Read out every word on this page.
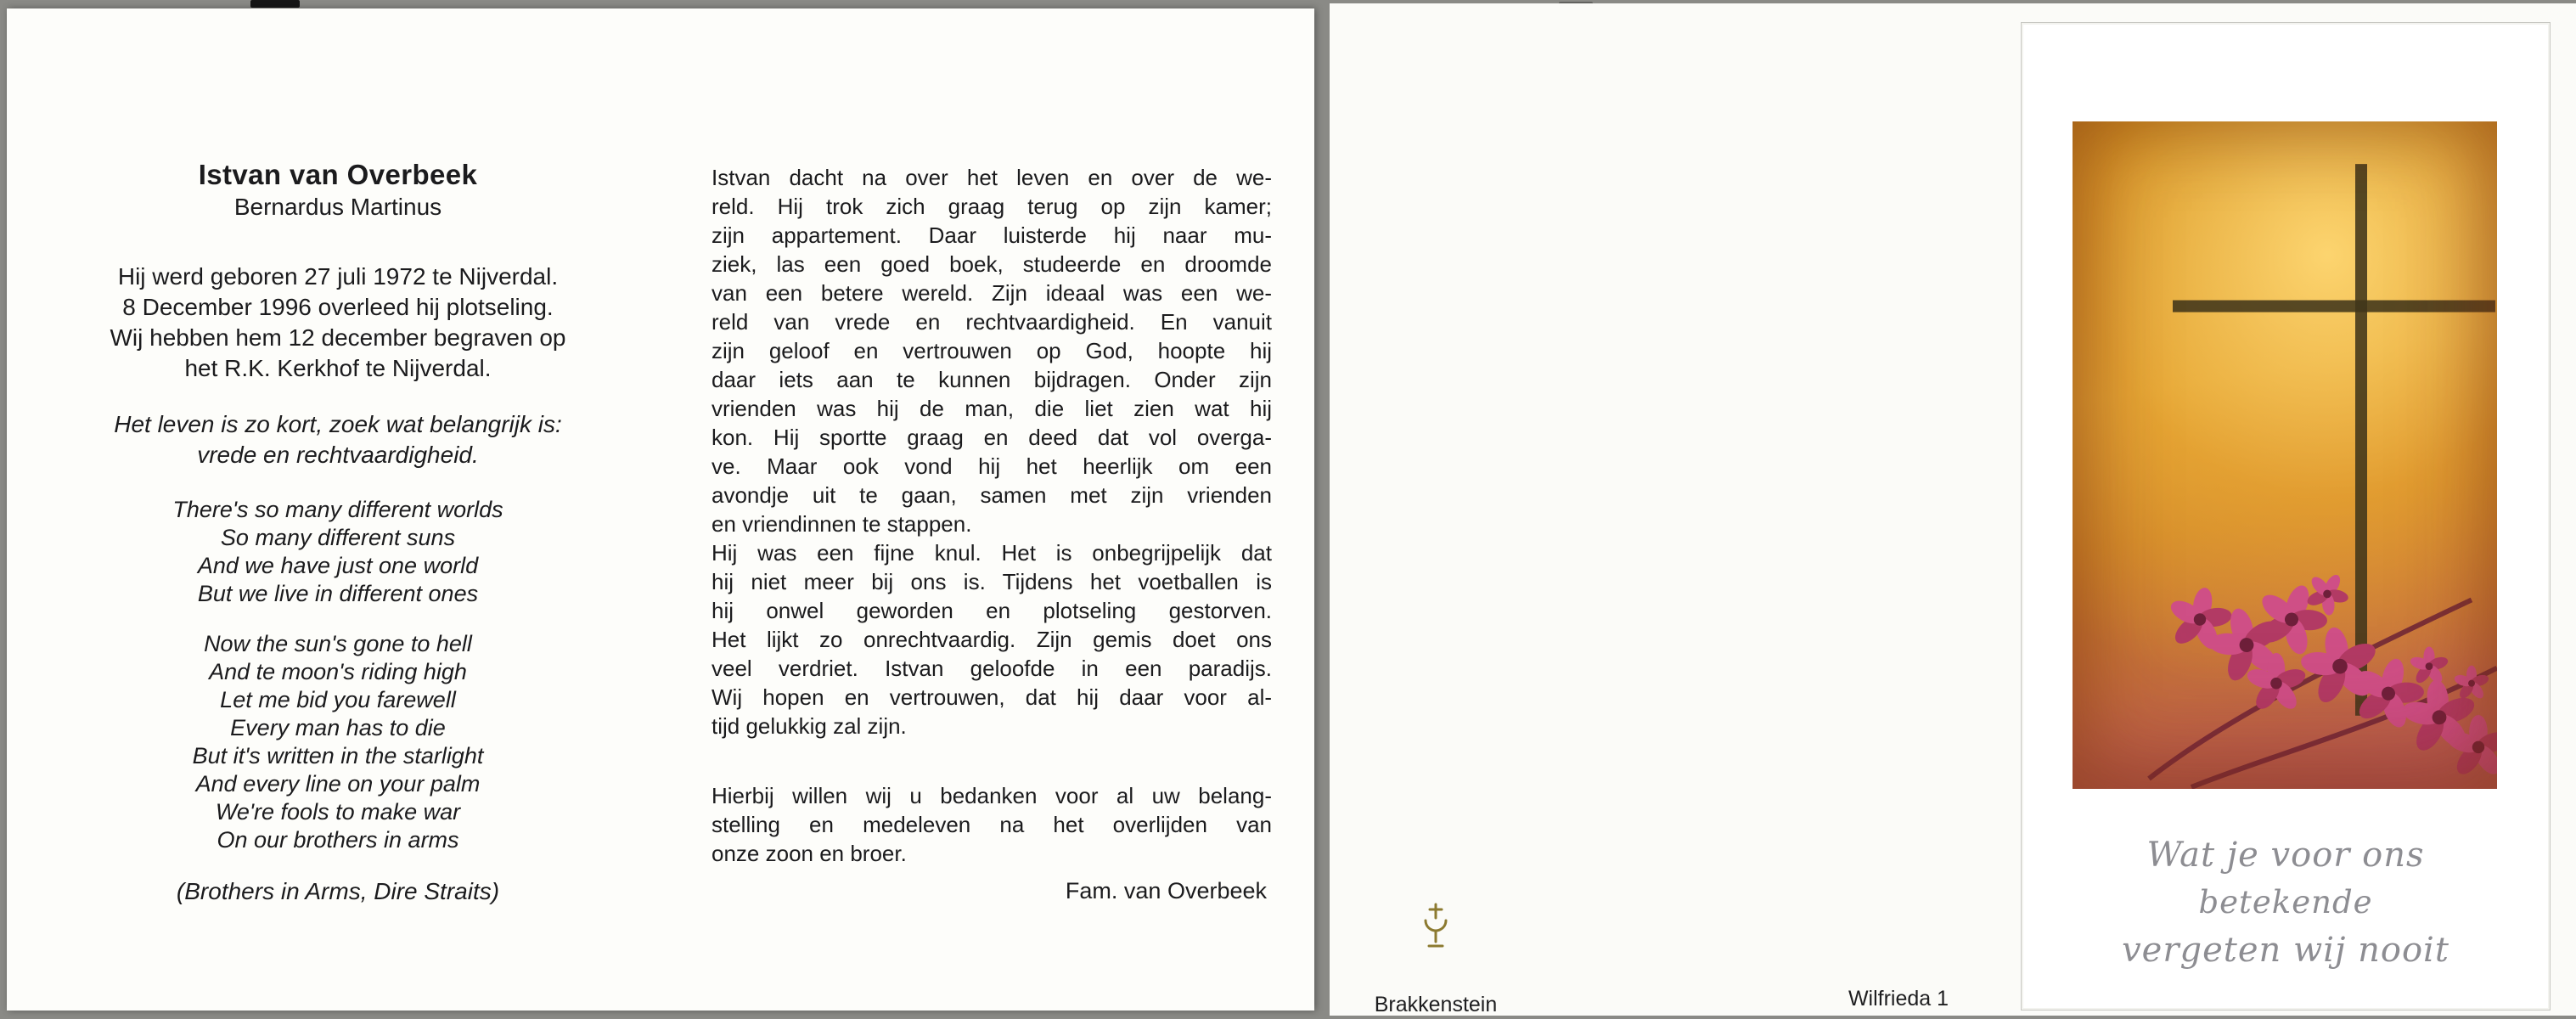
Istvan van Overbeek
Bernardus Martinus
Hij werd geboren 27 juli 1972 te Nijverdal.
8 December 1996 overleed hij plotseling.
Wij hebben hem 12 december begraven op
het R.K. Kerkhof te Nijverdal.
Het leven is zo kort, zoek wat belangrijk is:
vrede en rechtvaardigheid.
There's so many different worlds
So many different suns
And we have just one world
But we live in different ones
Now the sun's gone to hell
And te moon's riding high
Let me bid you farewell
Every man has to die
But it's written in the starlight
And every line on your palm
We're fools to make war
On our brothers in arms
(Brothers in Arms, Dire Straits)
Istvan dacht na over het leven en over de we-
reld. Hij trok zich graag terug op zijn kamer;
zijn appartement. Daar luisterde hij naar mu-
ziek, las een goed boek, studeerde en droomde
van een betere wereld. Zijn ideaal was een we-
reld van vrede en rechtvaardigheid. En vanuit
zijn geloof en vertrouwen op God, hoopte hij
daar iets aan te kunnen bijdragen. Onder zijn
vrienden was hij de man, die liet zien wat hij
kon. Hij sportte graag en deed dat vol overga-
ve. Maar ook vond hij het heerlijk om een
avondje uit te gaan, samen met zijn vrienden
en vriendinnen te stappen.
Hij was een fijne knul. Het is onbegrijpelijk dat
hij niet meer bij ons is. Tijdens het voetballen is
hij onwel geworden en plotseling gestorven.
Het lijkt zo onrechtvaardig. Zijn gemis doet ons
veel verdriet. Istvan geloofde in een paradijs.
Wij hopen en vertrouwen, dat hij daar voor al-
tijd gelukkig zal zijn.
Hierbij willen wij u bedanken voor al uw belang-
stelling en medeleven na het overlijden van
onze zoon en broer.
Fam. van Overbeek
Brakkenstein	Wilfrieda 1
Wat je voor ons
betekende
vergeten wij nooit
